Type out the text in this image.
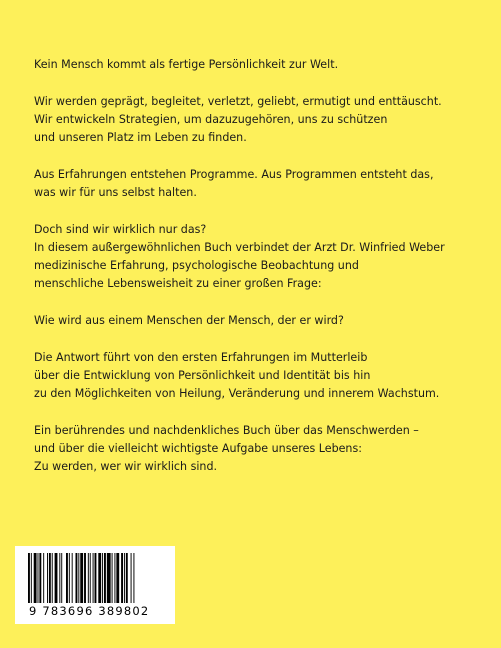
Kein Mensch kommt als fertige Persönlichkeit zur Welt.

Wir werden geprägt, begleitet, verletzt, geliebt, ermutigt und enttäuscht.
Wir entwickeln Strategien, um dazuzugehören, uns zu schützen
und unseren Platz im Leben zu finden.

Aus Erfahrungen entstehen Programme. Aus Programmen entsteht das,
was wir für uns selbst halten.

Doch sind wir wirklich nur das?
In diesem außergewöhnlichen Buch verbindet der Arzt Dr. Winfried Weber
medizinische Erfahrung, psychologische Beobachtung und
menschliche Lebensweisheit zu einer großen Frage:

Wie wird aus einem Menschen der Mensch, der er wird?

Die Antwort führt von den ersten Erfahrungen im Mutterleib
über die Entwicklung von Persönlichkeit und Identität bis hin
zu den Möglichkeiten von Heilung, Veränderung und innerem Wachstum.

Ein berührendes und nachdenkliches Buch über das Menschwerden –
und über die vielleicht wichtigste Aufgabe unseres Lebens:
Zu werden, wer wir wirklich sind.

9 783696 389802
